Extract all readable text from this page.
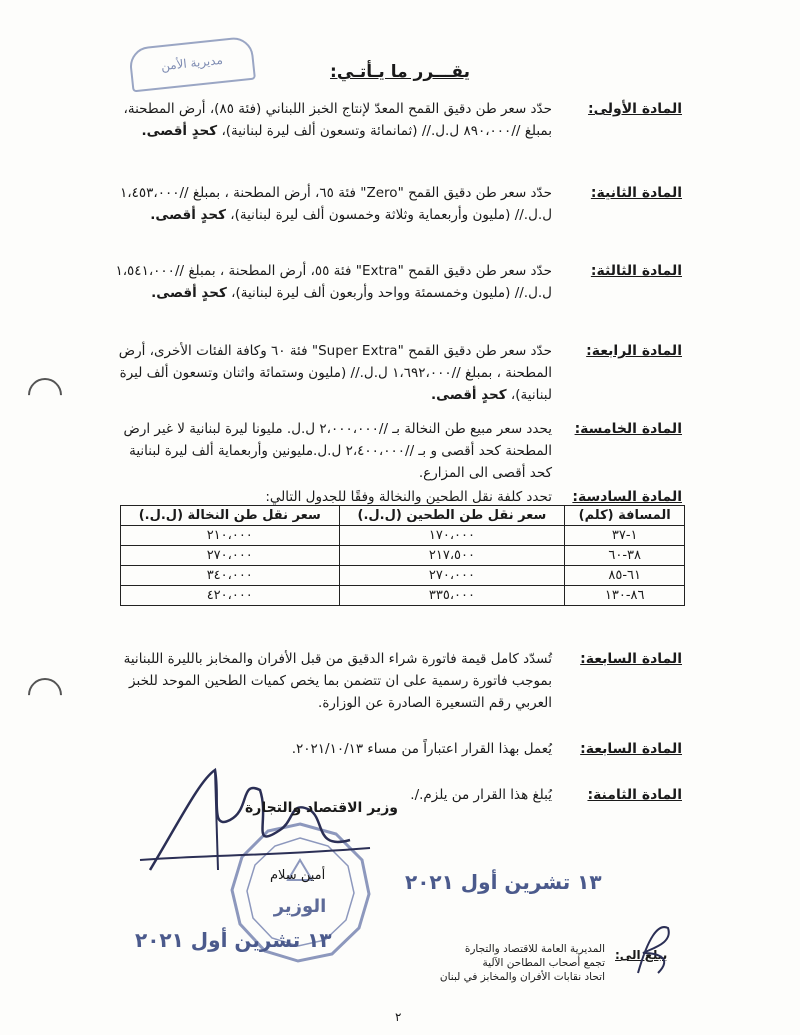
مديرية الأمن	يقـــرر ما يـأتـي:
المادة الأولى:
حدّد سعر طن دقيق القمح المعدّ لإنتاج الخبز اللبناني (فئة ٨٥)، أرض المطحنة، بمبلغ //٨٩٠،٠٠٠ ل.ل.// (ثمانمائة وتسعون ألف ليرة لبنانية)، كحدٍ أقصى.
المادة الثانية:
حدّد سعر طن دقيق القمح "Zero" فئة ٦٥، أرض المطحنة ، بمبلغ //١،٤٥٣،٠٠٠ ل.ل.// (مليون وأربعماية وثلاثة وخمسون ألف ليرة لبنانية)، كحدٍ أقصى.
المادة الثالثة:
حدّد سعر طن دقيق القمح "Extra" فئة ٥٥، أرض المطحنة ، بمبلغ //١،٥٤١،٠٠٠ ل.ل.// (مليون وخمسمئة وواحد وأربعون ألف ليرة لبنانية)، كحدٍ أقصى.
المادة الرابعة:
حدّد سعر طن دقيق القمح "Super Extra" فئة ٦٠ وكافة الفئات الأخرى، أرض المطحنة ، بمبلغ //١،٦٩٢،٠٠٠ ل.ل.// (مليون وستمائة واثنان وتسعون ألف ليرة لبنانية)، كحدٍ أقصى.
المادة الخامسة:
يحدد سعر مبيع طن النخالة بـ //٢،٠٠٠،٠٠٠ ل.ل. مليونا ليرة لبنانية لا غير ارض المطحنة كحد أقصى و بـ //٢،٤٠٠،٠٠٠ ل.ل.مليونين وأربعماية ألف ليرة لبنانية كحد أقصى الى المزارع.
المادة السادسة:
تحدد كلفة نقل الطحين والنخالة وفقًا للجدول التالي:
المسافة (كلم)	سعر نقل طن الطحين (ل.ل.)	سعر نقل طن النخالة (ل.ل.)
١-٣٧	١٧٠،٠٠٠	٢١٠،٠٠٠
٣٨-٦٠	٢١٧،٥٠٠	٢٧٠،٠٠٠
٦١-٨٥	٢٧٠،٠٠٠	٣٤٠،٠٠٠
٨٦-١٣٠	٣٣٥،٠٠٠	٤٢٠،٠٠٠
المادة السابعة:
تُسدّد كامل قيمة فاتورة شراء الدقيق من قبل الأفران والمخابز بالليرة اللبنانية بموجب فاتورة رسمية على ان تتضمن بما يخص كميات الطحين الموحد للخبز العربي رقم التسعيرة الصادرة عن الوزارة.
المادة السابعة:
يُعمل بهذا القرار اعتباراً من مساء ٢٠٢١/١٠/١٣.
المادة الثامنة:
يُبلغ هذا القرار من يلزم./.
الوزير
وزير الاقتصاد والتجارة
أمين سلام	١٣ تشرين أول ٢٠٢١
١٣ تشرين أول ٢٠٢١
يبلغ الى:
المديرية العامة للاقتصاد والتجارة
تجمع أصحاب المطاحن الآلية
اتحاد نقابات الأفران والمخابز في لبنان
٢
